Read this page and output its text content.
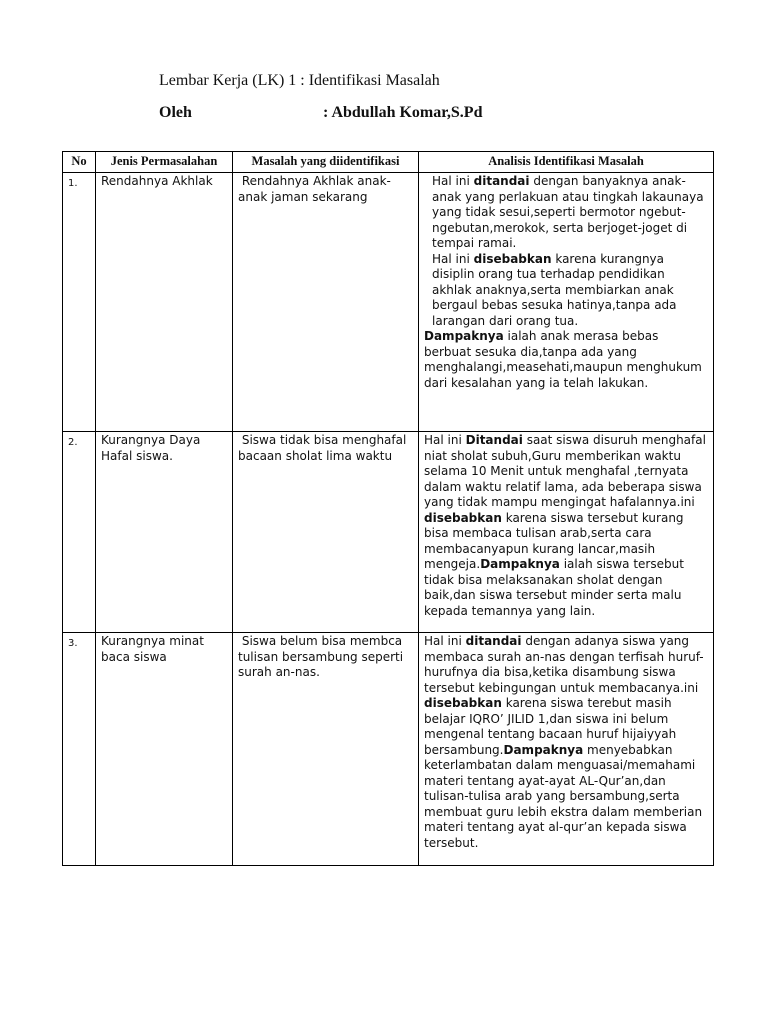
Lembar Kerja (LK) 1 : Identifikasi Masalah
Oleh	: Abdullah Komar,S.Pd
No	Jenis Permasalahan	Masalah yang diidentifikasi	Analisis Identifikasi Masalah
1.	Rendahnya Akhlak	Rendahnya Akhlak anak-anak jaman sekarang	Hal ini ditandai dengan banyaknya anak-anak yang perlakuan atau tingkah lakaunaya yang tidak sesui,seperti bermotor ngebut-ngebutan,merokok, serta berjoget-joget di tempai ramai.
Hal ini disebabkan karena kurangnya disiplin orang tua terhadap pendidikan akhlak anaknya,serta membiarkan anak bergaul bebas sesuka hatinya,tanpa ada larangan dari orang tua.
Dampaknya ialah anak merasa bebas berbuat sesuka dia,tanpa ada yang menghalangi,measehati,maupun menghukum dari kesalahan yang ia telah lakukan.

2.	Kurangnya Daya Hafal siswa.	Siswa tidak bisa menghafal bacaan sholat lima waktu	Hal ini Ditandai saat siswa disuruh menghafal niat sholat subuh,Guru memberikan waktu selama 10 Menit untuk menghafal ,ternyata dalam waktu relatif lama, ada beberapa siswa yang tidak mampu mengingat hafalannya.ini disebabkan karena siswa tersebut kurang bisa membaca tulisan arab,serta cara membacanyapun kurang lancar,masih mengeja.Dampaknya ialah siswa tersebut tidak bisa melaksanakan sholat dengan baik,dan siswa tersebut minder serta malu kepada temannya yang lain.
3.	Kurangnya minat baca siswa	Siswa belum bisa membca tulisan bersambung seperti  surah an-nas.	Hal ini ditandai dengan adanya siswa yang membaca surah an-nas dengan terfisah huruf-hurufnya dia bisa,ketika disambung siswa tersebut kebingungan untuk membacanya.ini disebabkan karena siswa terebut masih belajar IQRO’ JILID 1,dan siswa ini belum mengenal tentang bacaan huruf hijaiyyah bersambung.Dampaknya menyebabkan keterlambatan dalam menguasai/memahami materi tentang ayat-ayat AL-Qur’an,dan tulisan-tulisa arab yang bersambung,serta membuat guru lebih ekstra dalam memberian materi tentang ayat al-qur’an kepada siswa tersebut.
